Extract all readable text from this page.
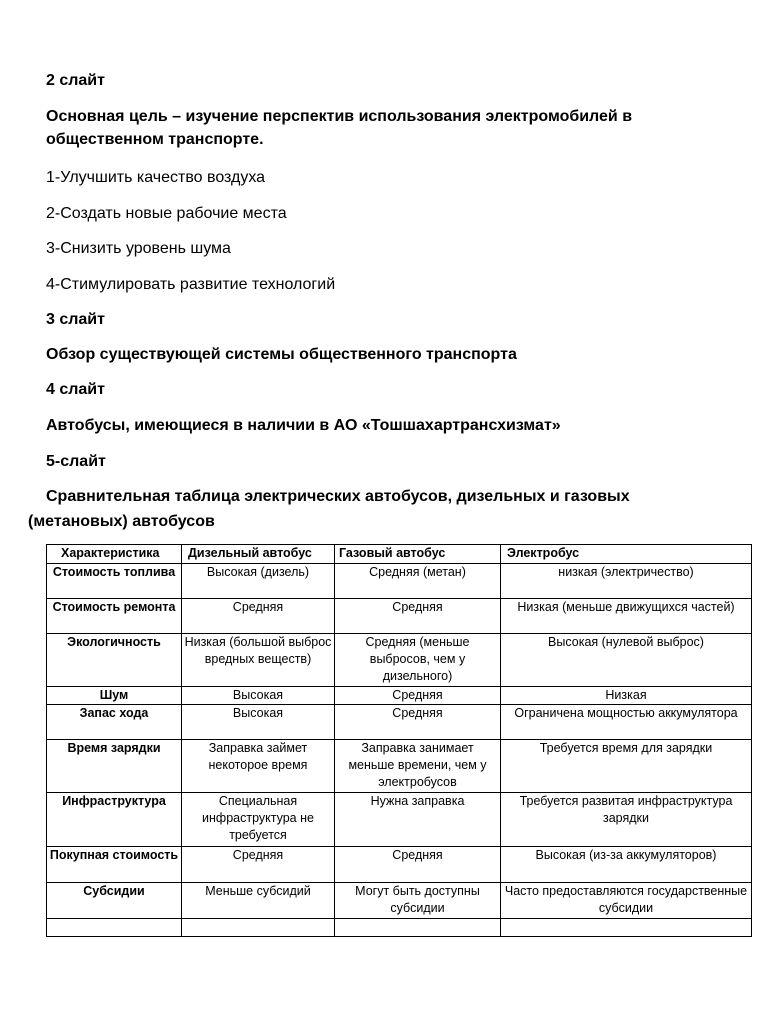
2 слайт

Основная цель – изучение перспектив использования электромобилей в общественном транспорте.

1-Улучшить качество воздуха

2-Создать новые рабочие места

3-Снизить уровень шума

4-Стимулировать развитие технологий

3 слайт

Обзор существующей системы общественного транспорта

4 слайт

Автобусы, имеющиеся в наличии в АО «Тошшахартрансхизмат»

5-слайт

Сравнительная таблица электрических автобусов, дизельных и газовых

(метановых) автобусов

Характеристика	Дизельный автобус	Газовый автобус	Электробус
Стоимость топлива	Высокая (дизель)	Средняя (метан)	низкая (электричество)
Стоимость ремонта	Средняя	Средняя	Низкая (меньше движущихся частей)
Экологичность	Низкая (большой выброс вредных веществ)	Средняя (меньше выбросов, чем у дизельного)	Высокая (нулевой выброс)
Шум	Высокая	Средняя	Низкая
Запас хода	Высокая	Средняя	Ограничена мощностью аккумулятора
Время зарядки	Заправка займет некоторое время	Заправка занимает меньше времени, чем у электробусов	Требуется время для зарядки
Инфраструктура	Специальная инфраструктура не требуется	Нужна заправка	Требуется развитая инфраструктура зарядки
Покупная стоимость	Средняя	Средняя	Высокая (из-за аккумуляторов)
Субсидии	Меньше субсидий	Могут быть доступны субсидии	Часто предоставляются государственные субсидии
